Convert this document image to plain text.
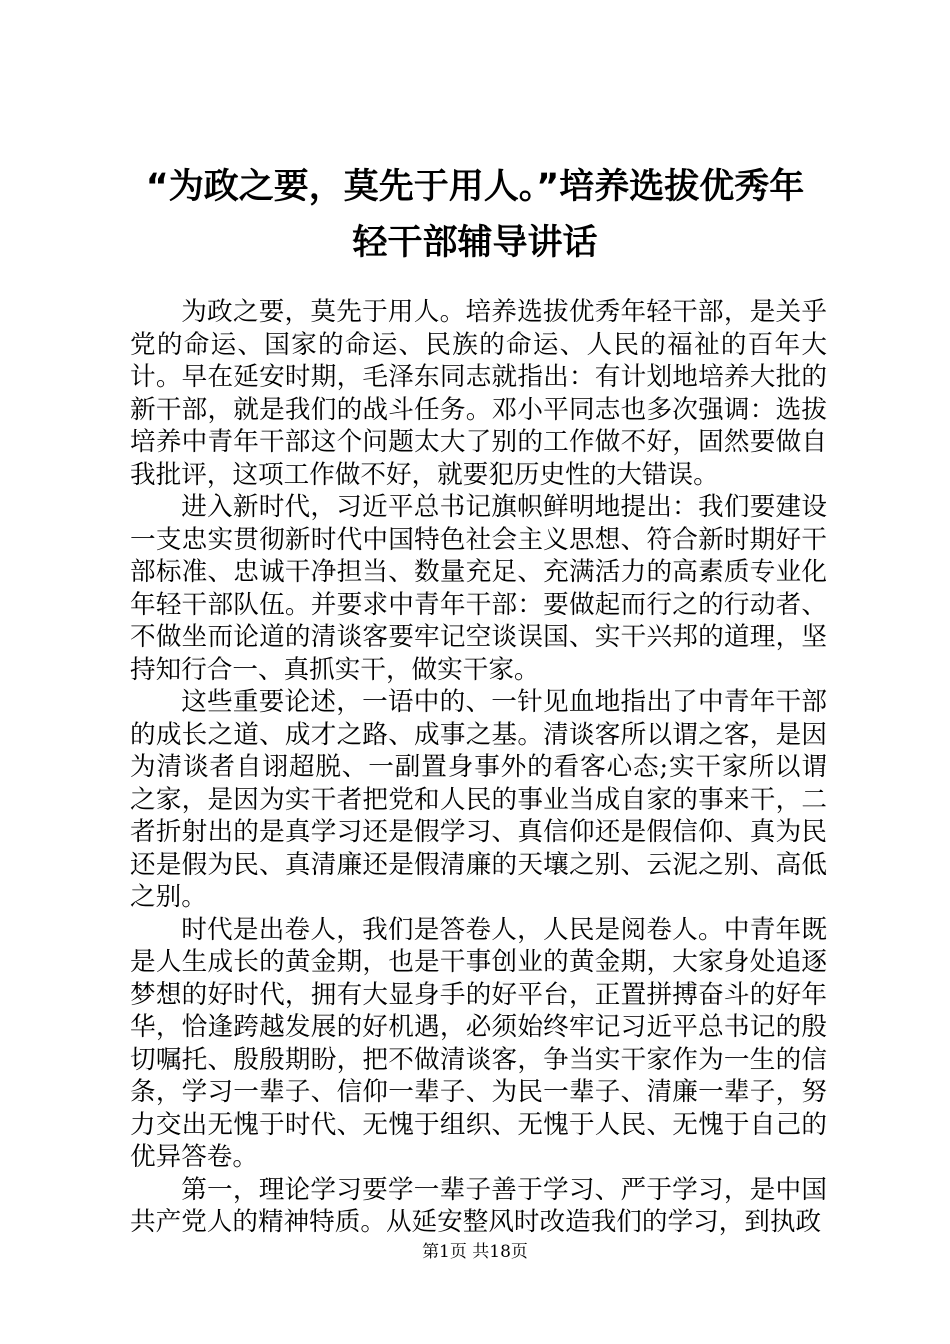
“为政之要，莫先于用人。”培养选拔优秀年
轻干部辅导讲话

为政之要，莫先于用人。培养选拔优秀年轻干部，是关乎党的命运、国家的命运、民族的命运、人民的福祉的百年大计。早在延安时期，毛泽东同志就指出：有计划地培养大批的新干部，就是我们的战斗任务。邓小平同志也多次强调：选拔培养中青年干部这个问题太大了别的工作做不好，固然要做自我批评，这项工作做不好，就要犯历史性的大错误。

进入新时代，习近平总书记旗帜鲜明地提出：我们要建设一支忠实贯彻新时代中国特色社会主义思想、符合新时期好干部标准、忠诚干净担当、数量充足、充满活力的高素质专业化年轻干部队伍。并要求中青年干部：要做起而行之的行动者、不做坐而论道的清谈客要牢记空谈误国、实干兴邦的道理，坚持知行合一、真抓实干，做实干家。

这些重要论述，一语中的、一针见血地指出了中青年干部的成长之道、成才之路、成事之基。清谈客所以谓之客，是因为清谈者自诩超脱、一副置身事外的看客心态;实干家所以谓之家，是因为实干者把党和人民的事业当成自家的事来干，二者折射出的是真学习还是假学习、真信仰还是假信仰、真为民还是假为民、真清廉还是假清廉的天壤之别、云泥之别、高低之别。

时代是出卷人，我们是答卷人，人民是阅卷人。中青年既是人生成长的黄金期，也是干事创业的黄金期，大家身处追逐梦想的好时代，拥有大显身手的好平台，正置拼搏奋斗的好年华，恰逢跨越发展的好机遇，必须始终牢记习近平总书记的殷切嘱托、殷殷期盼，把不做清谈客，争当实干家作为一生的信条，学习一辈子、信仰一辈子、为民一辈子、清廉一辈子，努力交出无愧于时代、无愧于组织、无愧于人民、无愧于自己的优异答卷。

第一，理论学习要学一辈子善于学习、严于学习，是中国共产党人的精神特质。从延安整风时改造我们的学习，到执政

第1页 共18页
